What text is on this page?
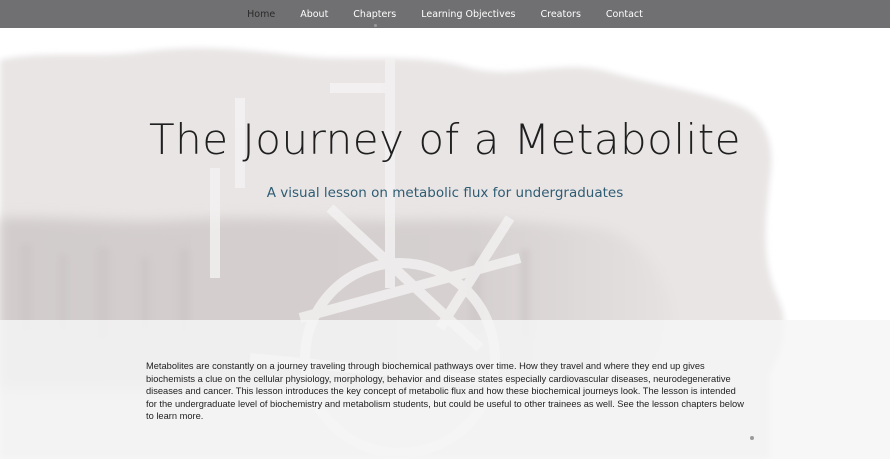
Home	About	Chapters	Learning Objectives	Creators	Contact
The Journey of a Metabolite

A visual lesson on metabolic flux for undergraduates

Metabolites are constantly on a journey traveling through biochemical pathways over time. How they travel and where they end up gives biochemists a clue on the cellular physiology, morphology, behavior and disease states especially cardiovascular diseases, neurodegenerative diseases and cancer. This lesson introduces the key concept of metabolic flux and how these biochemical journeys look. The lesson is intended for the undergraduate level of biochemistry and metabolism students, but could be useful to other trainees as well. See the lesson chapters below to learn more.
